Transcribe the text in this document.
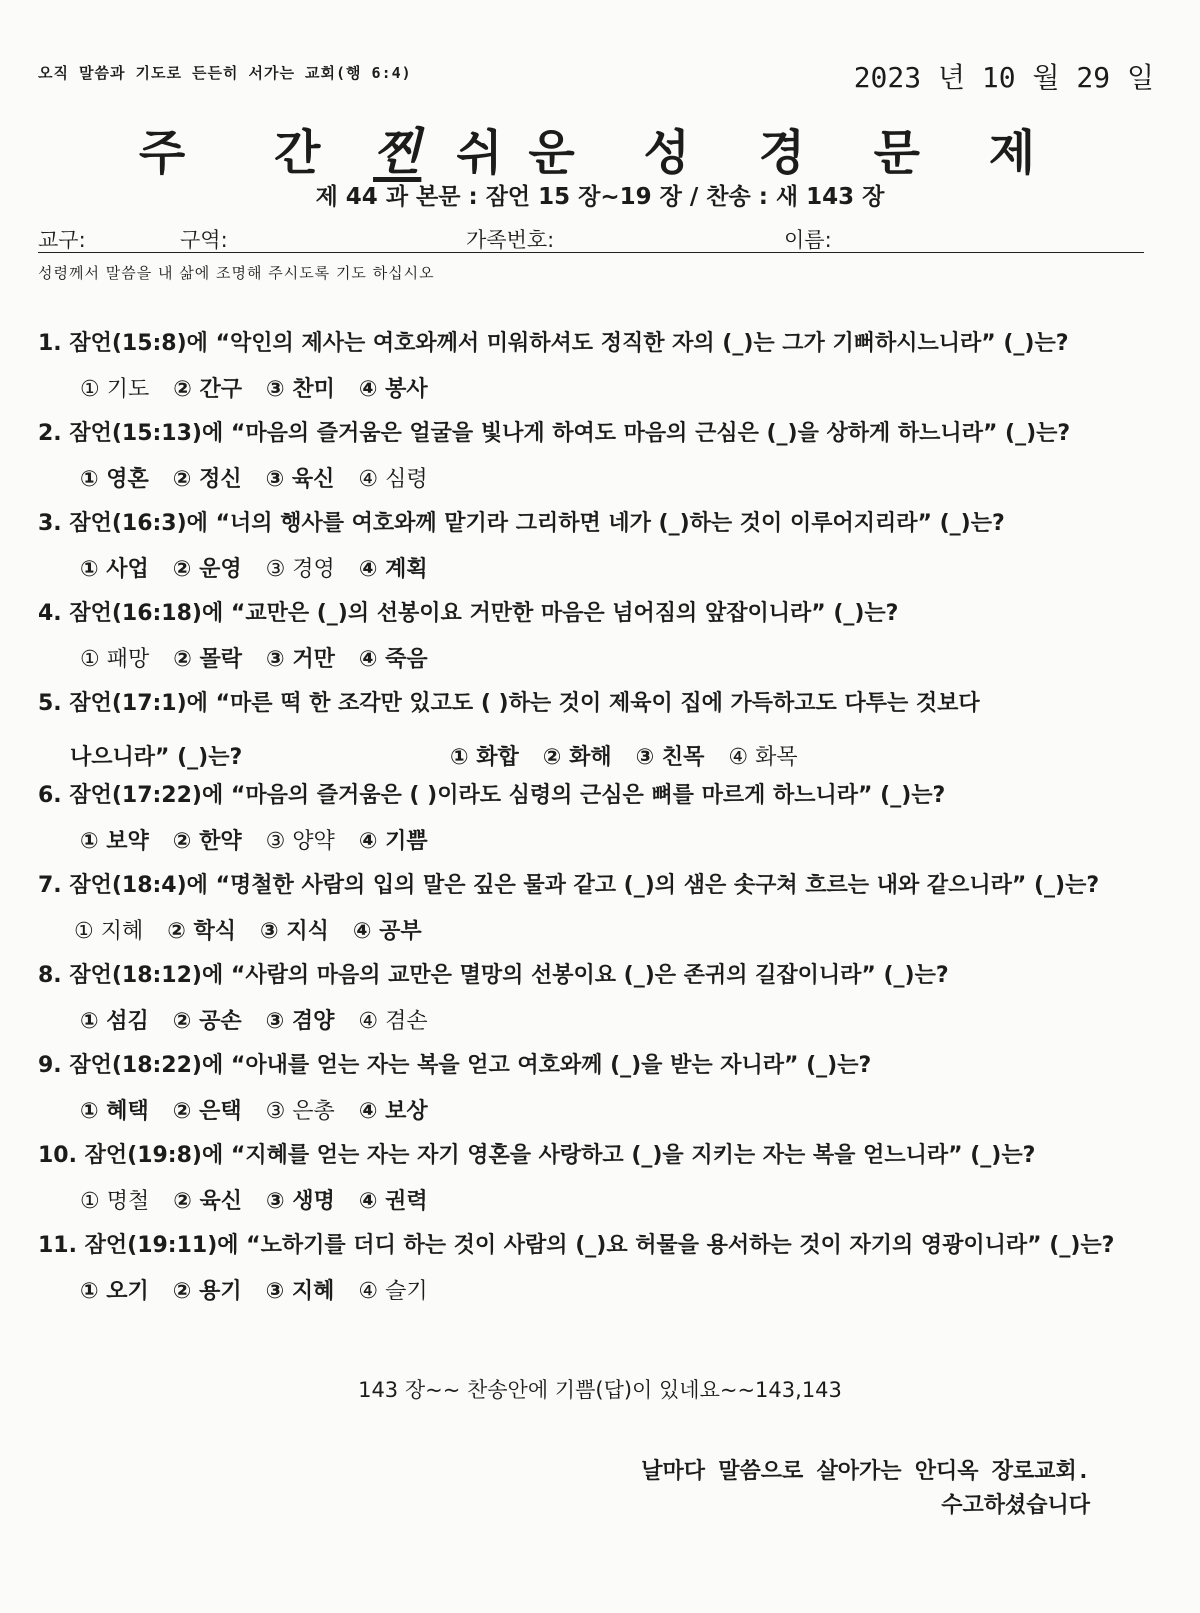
오직 말씀과 기도로 든든히 서가는 교회(행 6:4)	2023 년 10 월 29 일
주 간 찐 쉬운 성 경 문 제
제 44 과 본문 : 잠언 15 장~19 장 / 찬송 : 새 143 장
교구:	구역:	가족번호:	이름:
성령께서 말씀을 내 삶에 조명해 주시도록 기도 하십시오
1. 잠언(15:8)에 “악인의 제사는 여호와께서 미워하셔도 정직한 자의 (_)는 그가 기뻐하시느니라” (_)는?
① 기도 ② 간구 ③ 찬미 ④ 봉사
2. 잠언(15:13)에 “마음의 즐거움은 얼굴을 빛나게 하여도 마음의 근심은 (_)을 상하게 하느니라” (_)는?
① 영혼 ② 정신 ③ 육신 ④ 심령
3. 잠언(16:3)에 “너의 행사를 여호와께 맡기라 그리하면 네가 (_)하는 것이 이루어지리라” (_)는?
① 사업 ② 운영 ③ 경영 ④ 계획
4. 잠언(16:18)에 “교만은 (_)의 선봉이요 거만한 마음은 넘어짐의 앞잡이니라” (_)는?
① 패망 ② 몰락 ③ 거만 ④ 죽음
5. 잠언(17:1)에 “마른 떡 한 조각만 있고도 ( )하는 것이 제육이 집에 가득하고도 다투는 것보다
나으니라” (_)는?	① 화합 ② 화해 ③ 친목 ④ 화목
6. 잠언(17:22)에 “마음의 즐거움은 ( )이라도 심령의 근심은 뼈를 마르게 하느니라” (_)는?
① 보약 ② 한약 ③ 양약 ④ 기쁨
7. 잠언(18:4)에 “명철한 사람의 입의 말은 깊은 물과 같고 (_)의 샘은 솟구쳐 흐르는 내와 같으니라” (_)는?
① 지혜 ② 학식 ③ 지식 ④ 공부
8. 잠언(18:12)에 “사람의 마음의 교만은 멸망의 선봉이요 (_)은 존귀의 길잡이니라” (_)는?
① 섬김 ② 공손 ③ 겸양 ④ 겸손
9. 잠언(18:22)에 “아내를 얻는 자는 복을 얻고 여호와께 (_)을 받는 자니라” (_)는?
① 혜택 ② 은택 ③ 은총 ④ 보상
10. 잠언(19:8)에 “지혜를 얻는 자는 자기 영혼을 사랑하고 (_)을 지키는 자는 복을 얻느니라” (_)는?
① 명철 ② 육신 ③ 생명 ④ 권력
11. 잠언(19:11)에 “노하기를 더디 하는 것이 사람의 (_)요 허물을 용서하는 것이 자기의 영광이니라” (_)는?
① 오기 ② 용기 ③ 지혜 ④ 슬기
143 장~~ 찬송안에 기쁨(답)이 있네요~~143,143
날마다 말씀으로 살아가는 안디옥 장로교회.
수고하셨습니다
